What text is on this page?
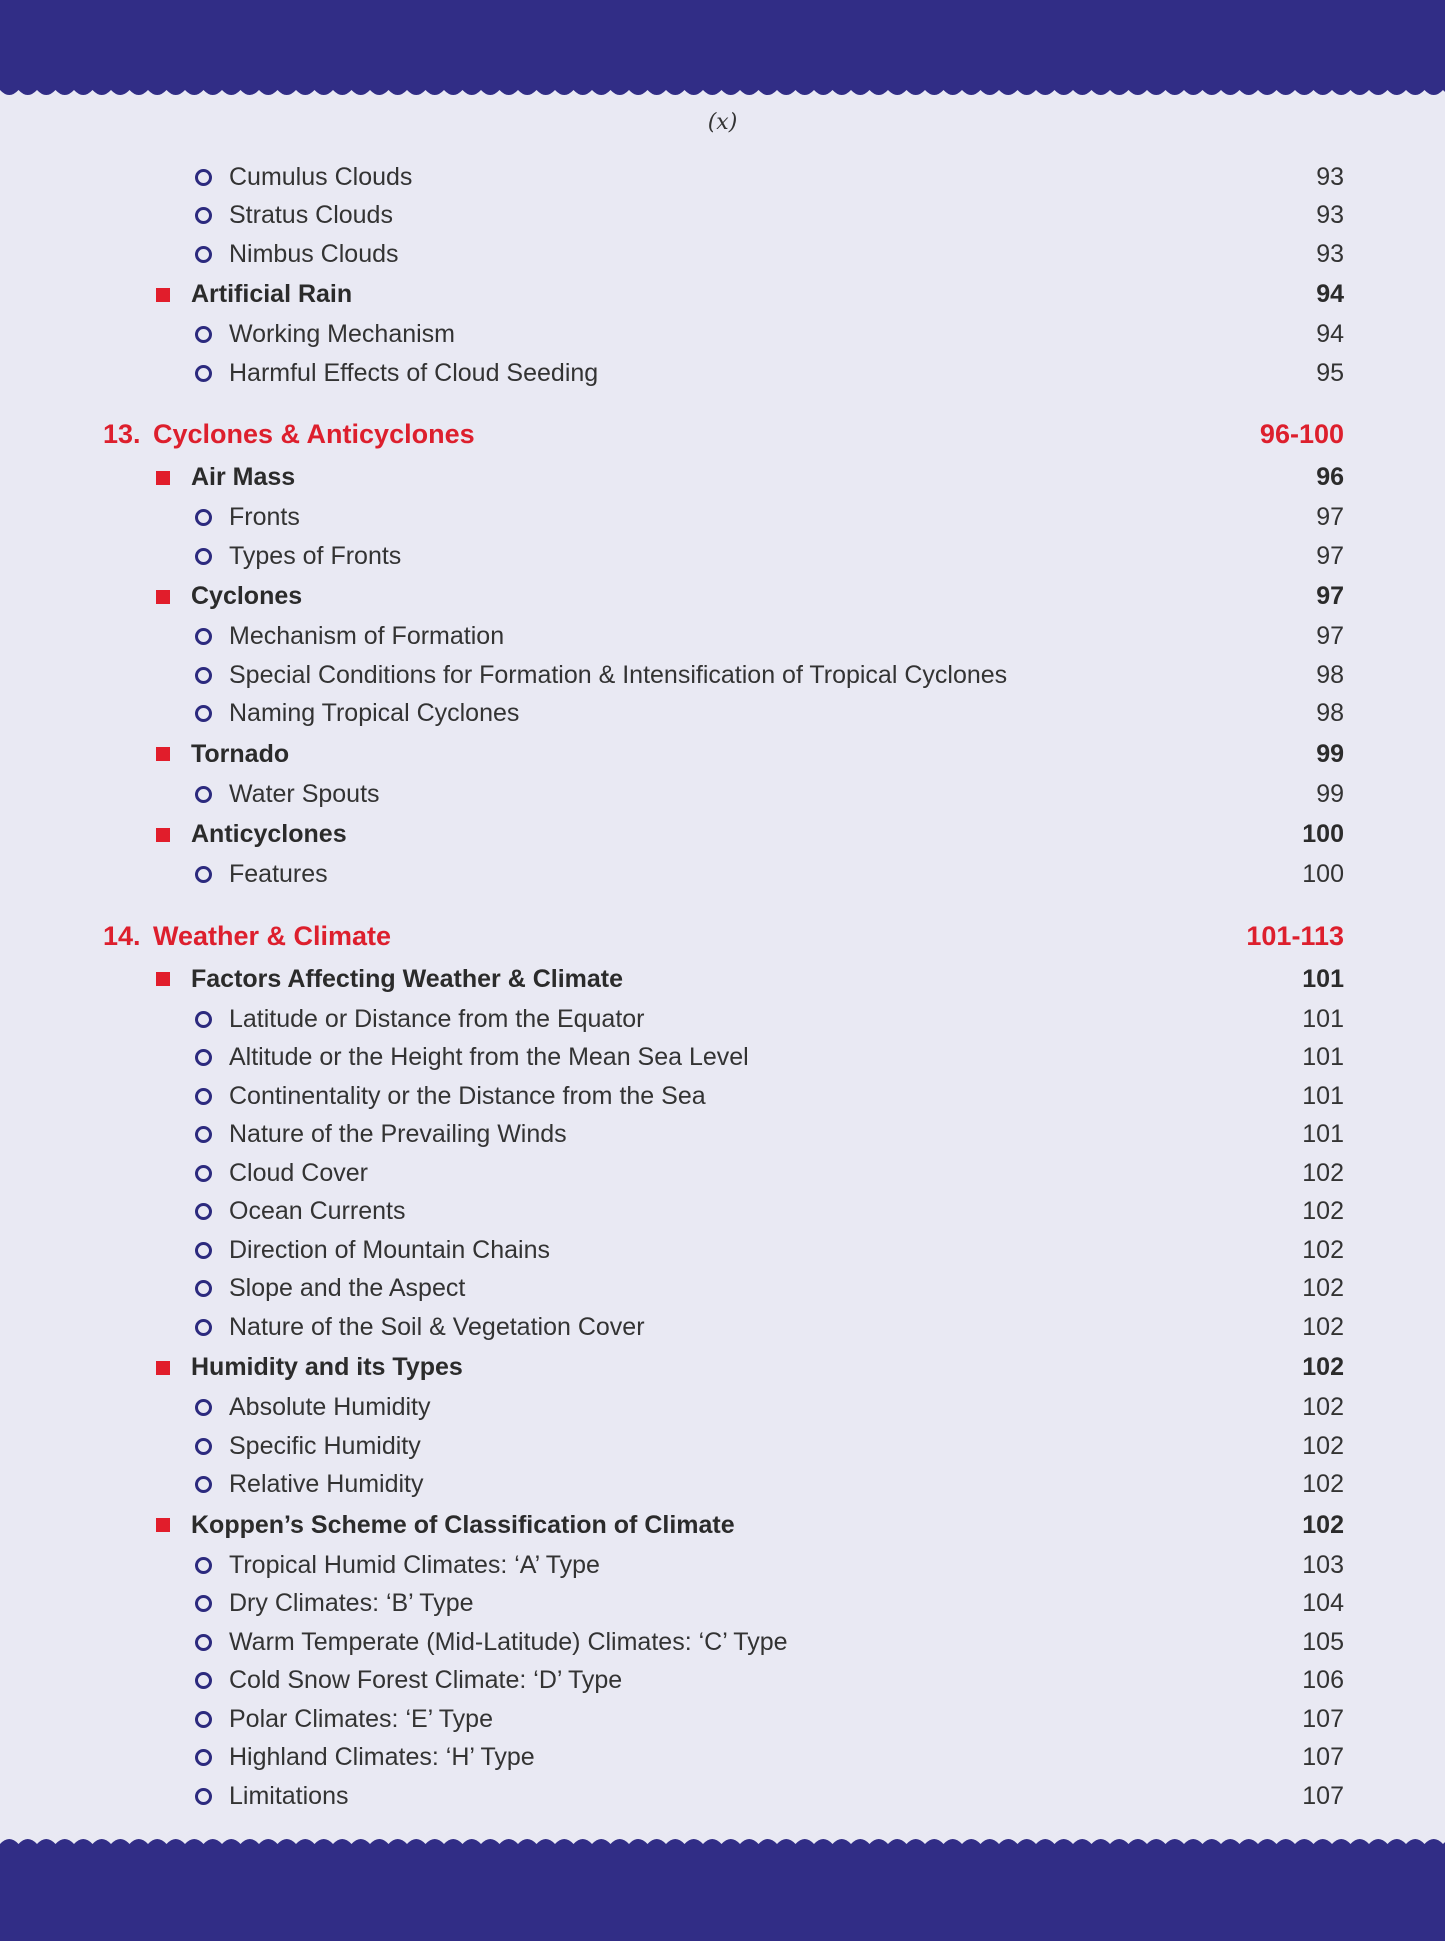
(x)
Cumulus Clouds	93
Stratus Clouds	93
Nimbus Clouds	93
Artificial Rain	94
Working Mechanism	94
Harmful Effects of Cloud Seeding	95
13. Cyclones & Anticyclones	96-100
Air Mass	96
Fronts	97
Types of Fronts	97
Cyclones	97
Mechanism of Formation	97
Special Conditions for Formation & Intensification of Tropical Cyclones	98
Naming Tropical Cyclones	98
Tornado	99
Water Spouts	99
Anticyclones	100
Features	100
14. Weather & Climate	101-113
Factors Affecting Weather & Climate	101
Latitude or Distance from the Equator	101
Altitude or the Height from the Mean Sea Level	101
Continentality or the Distance from the Sea	101
Nature of the Prevailing Winds	101
Cloud Cover	102
Ocean Currents	102
Direction of Mountain Chains	102
Slope and the Aspect	102
Nature of the Soil & Vegetation Cover	102
Humidity and its Types	102
Absolute Humidity	102
Specific Humidity	102
Relative Humidity	102
Koppen’s Scheme of Classification of Climate	102
Tropical Humid Climates: ‘A’ Type	103
Dry Climates: ‘B’ Type	104
Warm Temperate (Mid-Latitude) Climates: ‘C’ Type	105
Cold Snow Forest Climate: ‘D’ Type	106
Polar Climates: ‘E’ Type	107
Highland Climates: ‘H’ Type	107
Limitations	107
